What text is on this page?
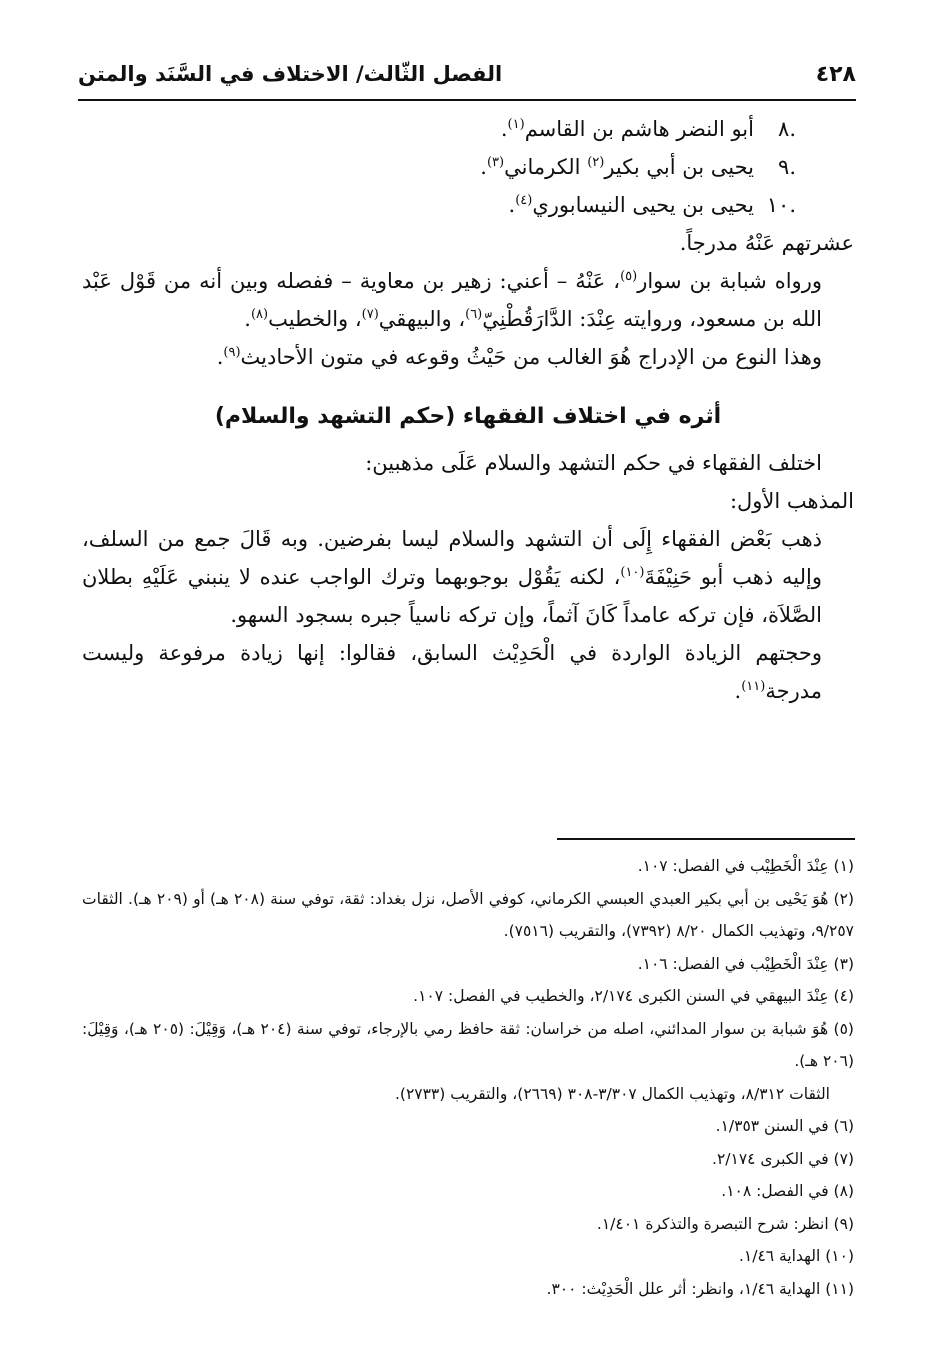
٤٢٨
الفصل الثّالث/ الاختلاف في السَّنَد والمتن
.٨أبو النضر هاشم بن القاسم$^{(١)}$.
.٩يحيى بن أبي بكير$^{(٢)}$ الكرماني$^{(٣)}$.
.١٠يحيى بن يحيى النيسابوري$^{(٤)}$.

عشرتهم عَنْهُ مدرجاً.

ورواه شبابة بن سوار$^{(٥)}$، عَنْهُ – أعني: زهير بن معاوية – ففصله وبين أنه من قَوْل عَبْد الله بن مسعود، وروايته عِنْدَ: الدَّارَقُطْنِيّ$^{(٦)}$، والبيهقي$^{(٧)}$، والخطيب$^{(٨)}$.

وهذا النوع من الإدراج هُوَ الغالب من حَيْثُ وقوعه في متون الأحاديث$^{(٩)}$.

أثره في اختلاف الفقهاء (حكم التشهد والسلام)

اختلف الفقهاء في حكم التشهد والسلام عَلَى مذهبين:

المذهب الأول:

ذهب بَعْض الفقهاء إِلَى أن التشهد والسلام ليسا بفرضين. وبه قَالَ جمع من السلف، وإليه ذهب أبو حَنِيْفَةَ$^{(١٠)}$، لكنه يَقُوْل بوجوبهما وترك الواجب عنده لا ينبني عَلَيْهِ بطلان الصَّلاَة، فإن تركه عامداً كَانَ آثماً، وإن تركه ناسياً جبره بسجود السهو.

وحجتهم الزيادة الواردة في الْحَدِيْث السابق، فقالوا: إنها زيادة مرفوعة وليست مدرجة$^{(١١)}$.

(١) عِنْدَ الْخَطِيْب في الفصل: ١٠٧.

(٢) هُوَ يَحْيى بن أبي بكير العبدي العبسي الكرماني، كوفي الأصل، نزل بغداد: ثقة، توفي سنة (٢٠٨ هـ) أو (٢٠٩ هـ). الثقات ٩/٢٥٧، وتهذيب الكمال ٨/٢٠ (٧٣٩٢)، والتقريب (٧٥١٦).

(٣) عِنْدَ الْخَطِيْب في الفصل: ١٠٦.

(٤) عِنْدَ البيهقي في السنن الكبرى ٢/١٧٤، والخطيب في الفصل: ١٠٧.

(٥) هُوَ شبابة بن سوار المدائني، اصله من خراسان: ثقة حافظ رمي بالإرجاء، توفي سنة (٢٠٤ هـ)، وَقِيْلَ: (٢٠٥ هـ)، وَقِيْلَ: (٢٠٦ هـ).
الثقات ٨/٣١٢، وتهذيب الكمال ٣/٣٠٧-٣٠٨ (٢٦٦٩)، والتقريب (٢٧٣٣).

(٦) في السنن ١/٣٥٣.

(٧) في الكبرى ٢/١٧٤.

(٨) في الفصل: ١٠٨.

(٩) انظر: شرح التبصرة والتذكرة ١/٤٠١.

(١٠) الهداية ١/٤٦.

(١١) الهداية ١/٤٦، وانظر: أثر علل الْحَدِيْث: ٣٠٠.
